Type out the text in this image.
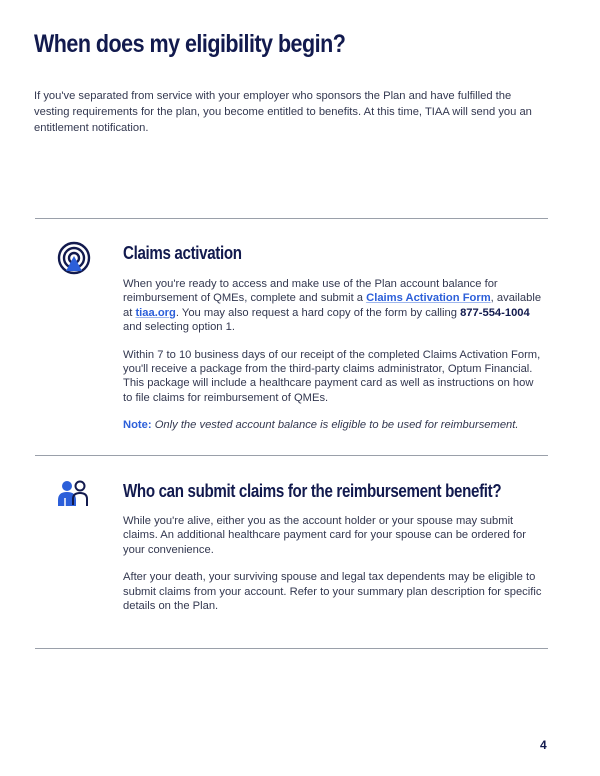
When does my eligibility begin?

If you've separated from service with your employer who sponsors the Plan and have fulfilled the vesting requirements for the plan, you become entitled to benefits. At this time, TIAA will send you an entitlement notification.

Claims activation

When you're ready to access and make use of the Plan account balance for reimbursement of QMEs, complete and submit a Claims Activation Form, available at tiaa.org. You may also request a hard copy of the form by calling 877-554-1004 and selecting option 1.

Within 7 to 10 business days of our receipt of the completed Claims Activation Form, you'll receive a package from the third-party claims administrator, Optum Financial. This package will include a healthcare payment card as well as instructions on how to file claims for reimbursement of QMEs.

Note: Only the vested account balance is eligible to be used for reimbursement.

Who can submit claims for the reimbursement benefit?

While you're alive, either you as the account holder or your spouse may submit claims. An additional healthcare payment card for your spouse can be ordered for your convenience.

After your death, your surviving spouse and legal tax dependents may be eligible to submit claims from your account. Refer to your summary plan description for specific details on the Plan.

4
